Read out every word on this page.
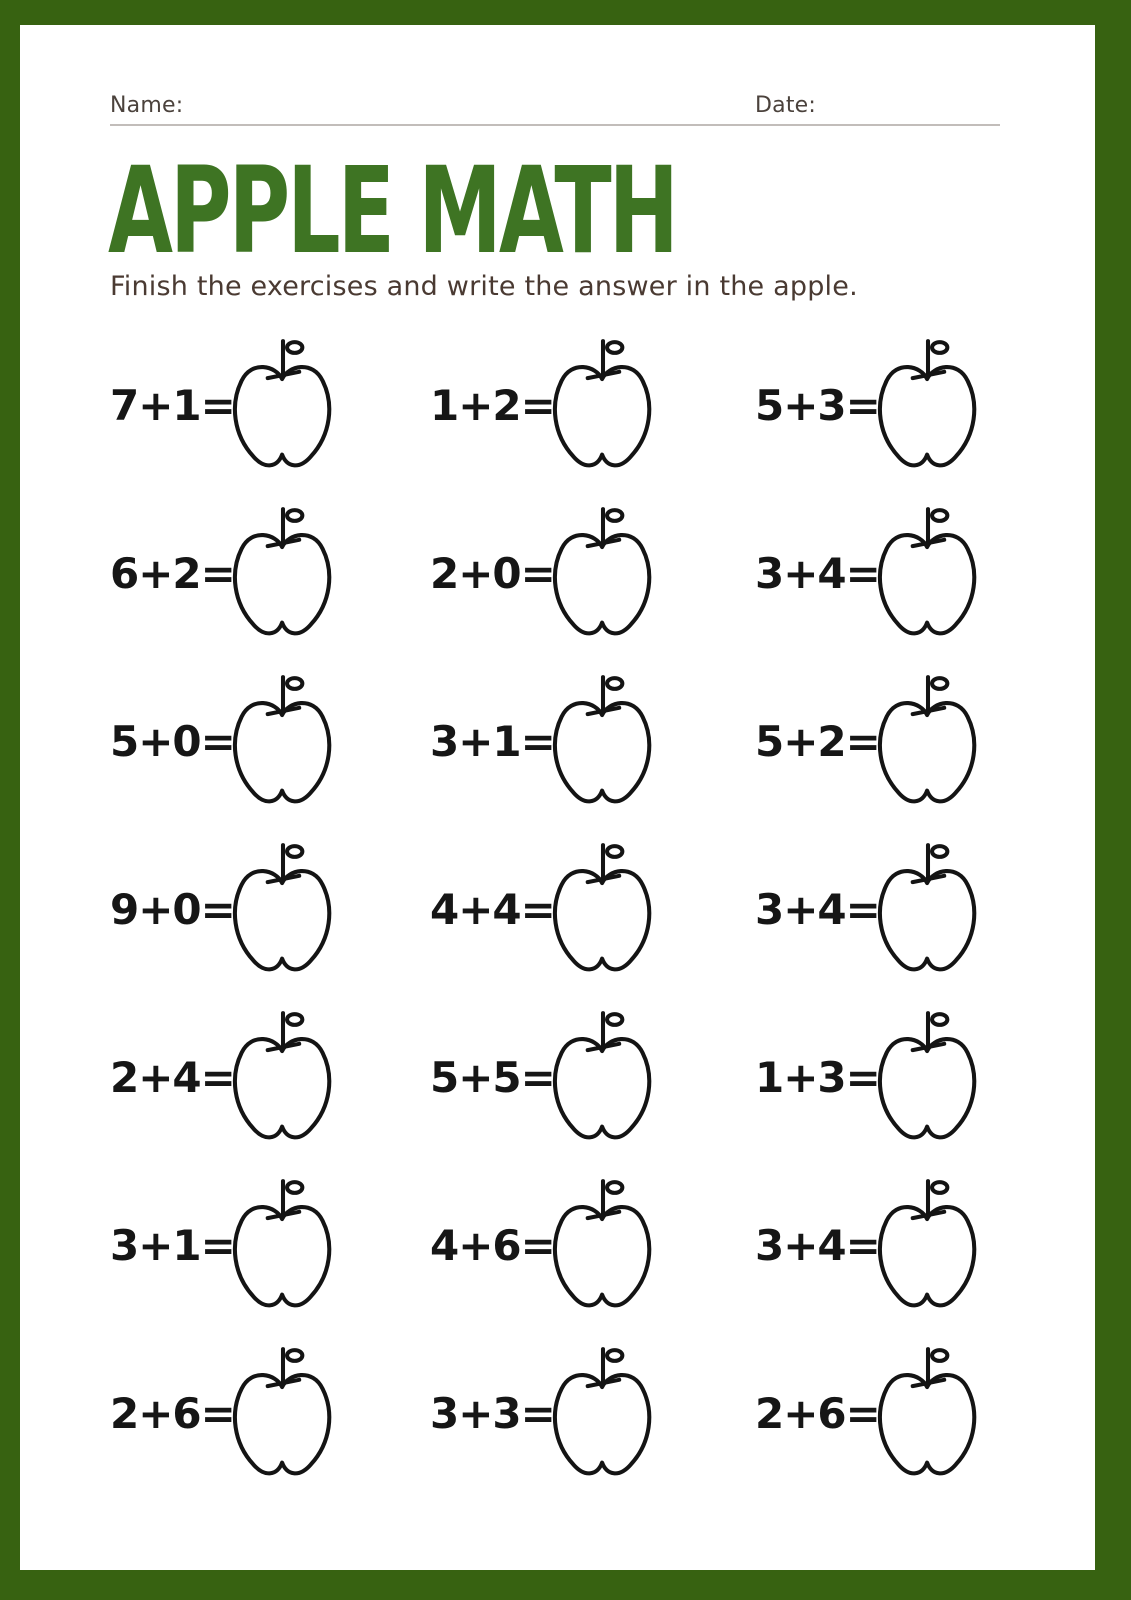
Name:	Date:
APPLE MATH

Finish the exercises and write the answer in the apple.

7+1=	1+2=	5+3=
6+2=	2+0=	3+4=
5+0=	3+1=	5+2=
9+0=	4+4=	3+4=
2+4=	5+5=	1+3=
3+1=	4+6=	3+4=
2+6=	3+3=	2+6=
